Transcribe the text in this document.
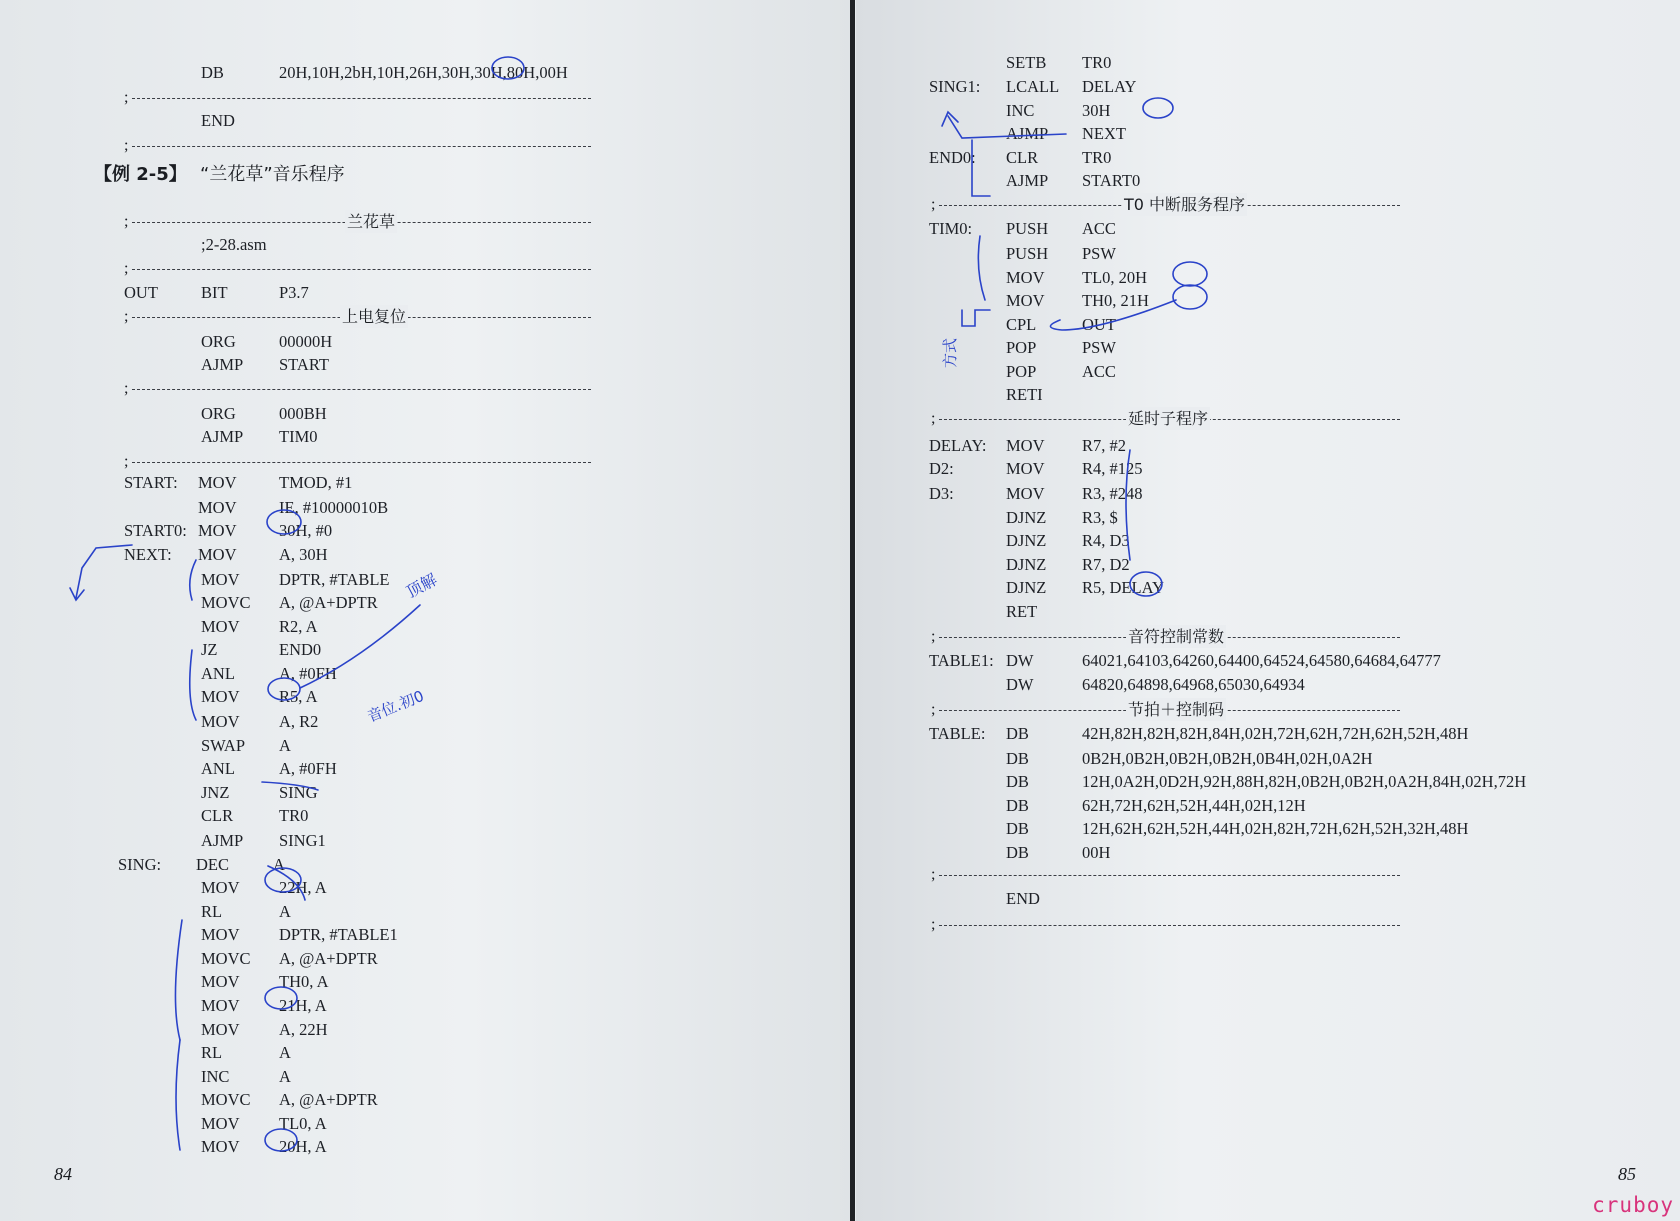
【例 2-5】 “兰花草”音乐程序
DB	20H,10H,2bH,10H,26H,30H,30H,80H,00H
;
END
;
;	兰花草
;2-28.asm
;
OUT	BIT	P3.7
;	上电复位
ORG	00000H
AJMP START
;
ORG	000BH
AJMP TIM0
;
START: MOV	TMOD, #1
MOV	IE, #10000010B
START0: MOV	30H, #0
NEXT: MOV	A, 30H
MOV DPTR, #TABLE
MOVC A, @A+DPTR
MOV R2, A
JZ	END0
ANL	A, #0FH
MOV R5, A
MOV A, R2
SWAP A
ANL	A, #0FH
JNZ	SING
CLR	TR0
AJMP SING1
SING: DEC	A
MOV 22H, A
RL	A
MOV DPTR, #TABLE1
MOVC A, @A+DPTR
MOV TH0, A
MOV 21H, A
MOV A, 22H
RL	A
INC	A
MOVC A, @A+DPTR
MOV TL0, A
MOV 20H, A
84
SETB TR0
SING1: LCALL DELAY
INC	30H
AJMP NEXT
END0: CLR	TR0
AJMP START0
;	T0 中断服务程序
TIM0: PUSH ACC
PUSH PSW
MOV TL0, 20H
MOV TH0, 21H
CPL	OUT
POP	PSW
POP	ACC
RETI
;	延时子程序
DELAY: MOV R7, #2
D2:	MOV R4, #125
D3:	MOV R3, #248
DJNZ R3, $
DJNZ R4, D3
DJNZ R7, D2
DJNZ R5, DELAY
RET
;	音符控制常数
TABLE1: DW	64021,64103,64260,64400,64524,64580,64684,64777
DW	64820,64898,64968,65030,64934
;	节拍＋控制码
TABLE: DB	42H,82H,82H,82H,84H,02H,72H,62H,72H,62H,52H,48H
DB	0B2H,0B2H,0B2H,0B2H,0B4H,02H,0A2H
DB	12H,0A2H,0D2H,92H,88H,82H,0B2H,0B2H,0A2H,84H,02H,72H
DB	62H,72H,62H,52H,44H,02H,12H
DB	12H,62H,62H,52H,44H,02H,82H,72H,62H,52H,32H,48H
DB	00H
;
END
;
85
顶解
音位.初0
方式
cruboy
